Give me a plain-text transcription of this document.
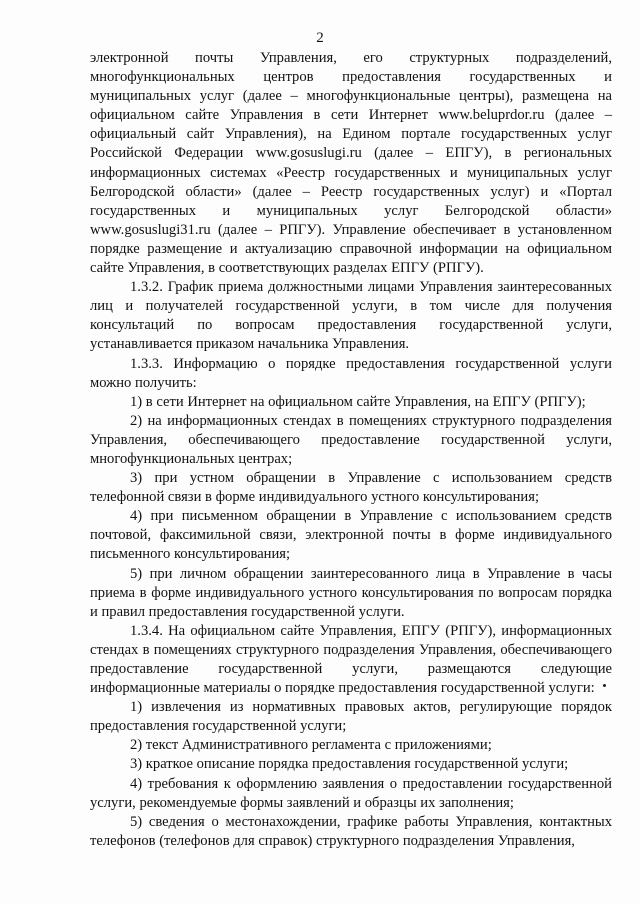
2

электронной почты Управления, его структурных подразделений, многофункциональных центров предоставления государственных и муниципальных услуг (далее – многофункциональные центры), размещена на официальном сайте Управления в сети Интернет www.beluprdor.ru (далее – официальный сайт Управления), на Едином портале государственных услуг Российской Федерации www.gosuslugi.ru (далее – ЕПГУ), в региональных информационных системах «Реестр государственных и муниципальных услуг Белгородской области» (далее – Реестр государственных услуг) и «Портал государственных и муниципальных услуг Белгородской области» www.gosuslugi31.ru (далее – РПГУ). Управление обеспечивает в установленном порядке размещение и актуализацию справочной информации на официальном сайте Управления, в соответствующих разделах ЕПГУ (РПГУ).

1.3.2. График приема должностными лицами Управления заинтересованных лиц и получателей государственной услуги, в том числе для получения консультаций по вопросам предоставления государственной услуги, устанавливается приказом начальника Управления.

1.3.3. Информацию о порядке предоставления государственной услуги можно получить:

1) в сети Интернет на официальном сайте Управления, на ЕПГУ (РПГУ);

2) на информационных стендах в помещениях структурного подразделения Управления, обеспечивающего предоставление государственной услуги, многофункциональных центрах;

3) при устном обращении в Управление с использованием средств телефонной связи в форме индивидуального устного консультирования;

4) при письменном обращении в Управление с использованием средств почтовой, факсимильной связи, электронной почты в форме индивидуального письменного консультирования;

5) при личном обращении заинтересованного лица в Управление в часы приема в форме индивидуального устного консультирования по вопросам порядка и правил предоставления государственной услуги.

1.3.4. На официальном сайте Управления, ЕПГУ (РПГУ), информационных стендах в помещениях структурного подразделения Управления, обеспечивающего предоставление государственной услуги, размещаются следующие информационные материалы о порядке предоставления государственной услуги:

1) извлечения из нормативных правовых актов, регулирующие порядок предоставления государственной услуги;

2) текст Административного регламента с приложениями;

3) краткое описание порядка предоставления государственной услуги;

4) требования к оформлению заявления о предоставлении государственной услуги, рекомендуемые формы заявлений и образцы их заполнения;

5) сведения о местонахождении, графике работы Управления, контактных телефонов (телефонов для справок) структурного подразделения Управления,
